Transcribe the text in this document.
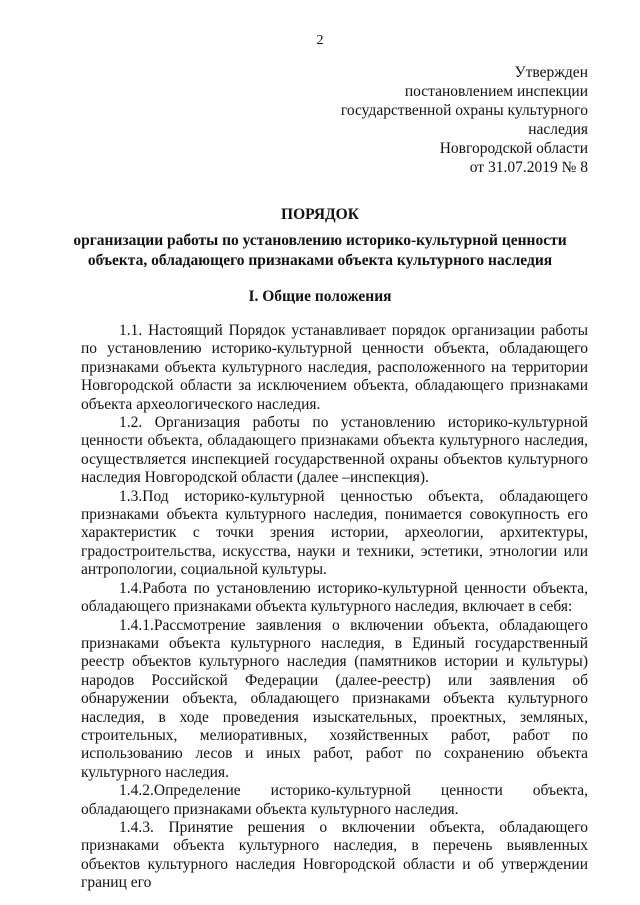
2
Утвержден
постановлением инспекции
государственной охраны культурного
наследия
Новгородской области
от 31.07.2019 № 8
ПОРЯДОК
организации работы по установлению историко-культурной ценности
объекта, обладающего признаками объекта культурного наследия
I. Общие положения

1.1. Настоящий Порядок устанавливает порядок организации работы по установлению историко-культурной ценности объекта, обладающего признаками объекта культурного наследия, расположенного на территории Новгородской области за исключением объекта, обладающего признаками объекта археологического наследия.

1.2. Организация работы по установлению историко-культурной ценности объекта, обладающего признаками объекта культурного наследия, осуществляется инспекцией государственной охраны объектов культурного наследия Новгородской области (далее –инспекция).

1.3.Под историко-культурной ценностью объекта, обладающего признаками объекта культурного наследия, понимается совокупность его характеристик с точки зрения истории, археологии, архитектуры, градостроительства, искусства, науки и техники, эстетики, этнологии или антропологии, социальной культуры.

1.4.Работа по установлению историко-культурной ценности объекта, обладающего признаками объекта культурного наследия, включает в себя:

1.4.1.Рассмотрение заявления о включении объекта, обладающего признаками объекта культурного наследия, в Единый государственный реестр объектов культурного наследия (памятников истории и культуры) народов Российской Федерации (далее-реестр) или заявления об обнаружении объекта, обладающего признаками объекта культурного наследия, в ходе проведения изыскательных, проектных, земляных, строительных, мелиоративных, хозяйственных работ, работ по использованию лесов и иных работ, работ по сохранению объекта культурного наследия.

1.4.2.Определение историко-культурной ценности объекта, обладающего признаками объекта культурного наследия.

1.4.3. Принятие решения о включении объекта, обладающего признаками объекта культурного наследия, в перечень выявленных объектов культурного наследия Новгородской области и об утверждении границ его
